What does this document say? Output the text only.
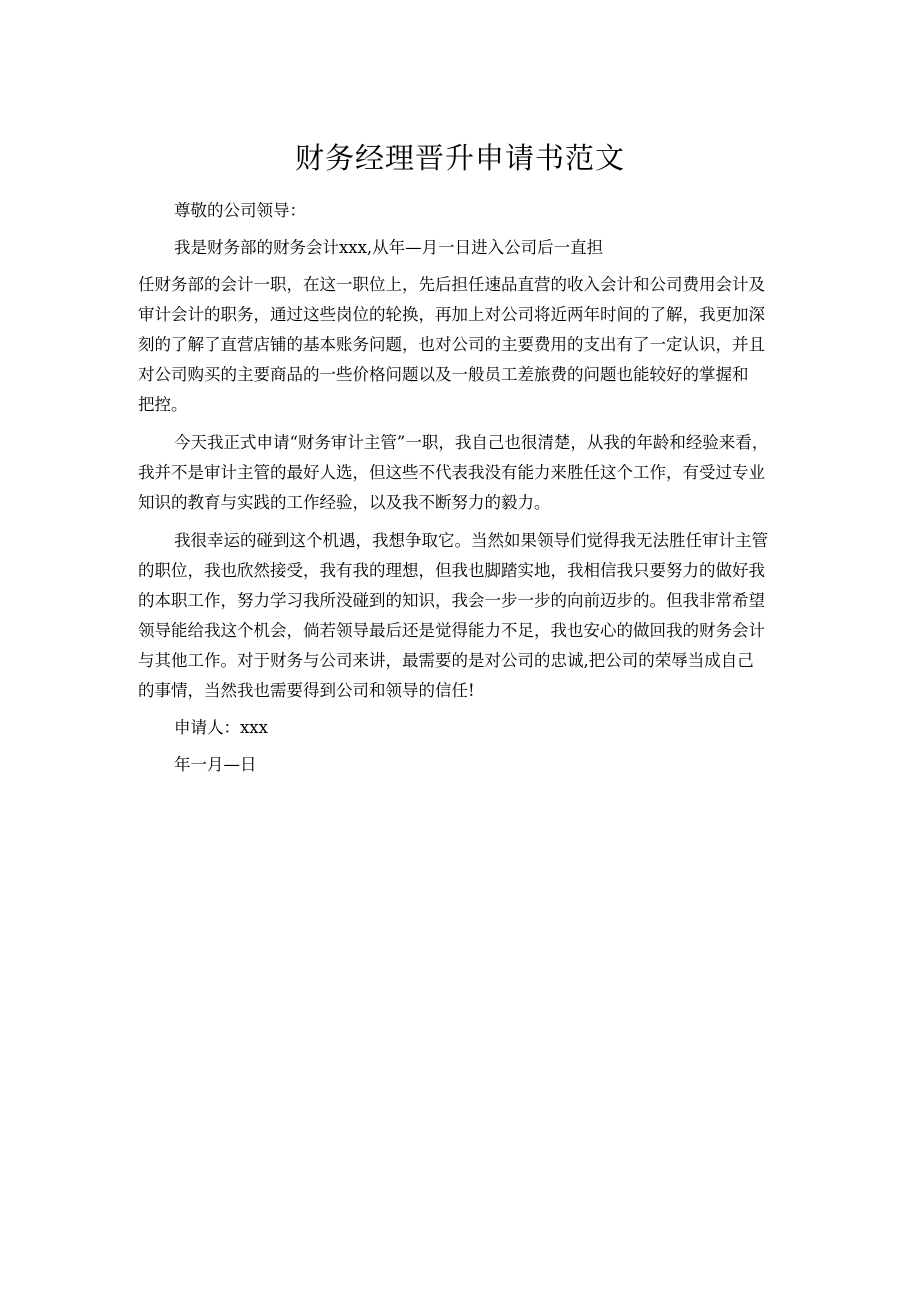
财务经理晋升申请书范文
尊敬的公司领导：
我是财务部的财务会计xxx,从年—月一日进入公司后一直担
任财务部的会计一职，在这一职位上，先后担任速品直营的收入会计和公司费用会计及
审计会计的职务，通过这些岗位的轮换，再加上对公司将近两年时间的了解，我更加深
刻的了解了直营店铺的基本账务问题，也对公司的主要费用的支出有了一定认识，并且
对公司购买的主要商品的一些价格问题以及一般员工差旅费的问题也能较好的掌握和
把控。
今天我正式申请“财务审计主管”一职，我自己也很清楚，从我的年龄和经验来看，
我并不是审计主管的最好人选，但这些不代表我没有能力来胜任这个工作，有受过专业
知识的教育与实践的工作经验，以及我不断努力的毅力。
我很幸运的碰到这个机遇，我想争取它。当然如果领导们觉得我无法胜任审计主管
的职位，我也欣然接受，我有我的理想，但我也脚踏实地，我相信我只要努力的做好我
的本职工作，努力学习我所没碰到的知识，我会一步一步的向前迈步的。但我非常希望
领导能给我这个机会，倘若领导最后还是觉得能力不足，我也安心的做回我的财务会计
与其他工作。对于财务与公司来讲，最需要的是对公司的忠诚,把公司的荣辱当成自己
的事情，当然我也需要得到公司和领导的信任!
申请人：xxx
年一月—日
